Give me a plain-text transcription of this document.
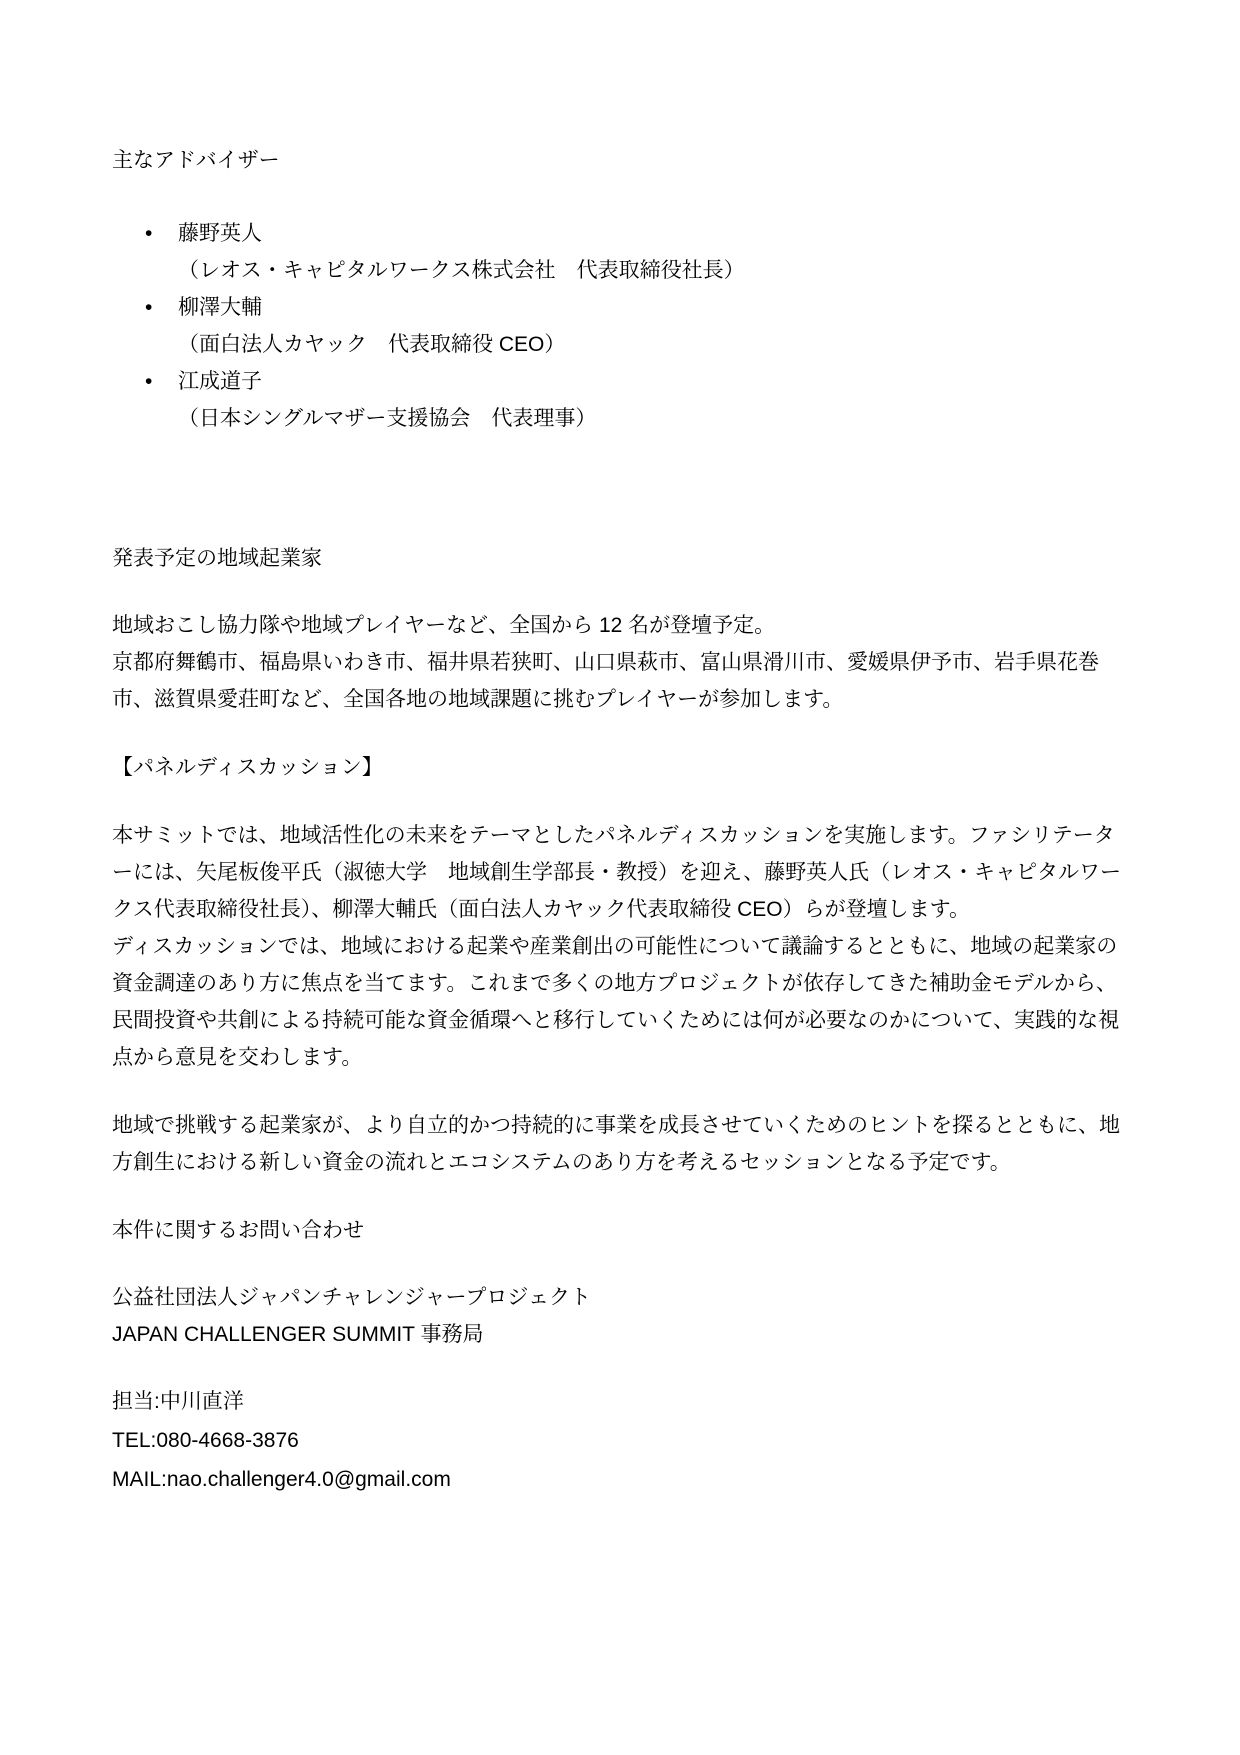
主なアドバイザー

• 藤野英人
（レオス・キャピタルワークス株式会社　代表取締役社長）
• 柳澤大輔
（面白法人カヤック　代表取締役 CEO）
• 江成道子
（日本シングルマザー支援協会　代表理事）

発表予定の地域起業家

地域おこし協力隊や地域プレイヤーなど、全国から 12 名が登壇予定。
京都府舞鶴市、福島県いわき市、福井県若狭町、山口県萩市、富山県滑川市、愛媛県伊予市、岩手県花巻市、滋賀県愛荘町など、全国各地の地域課題に挑むプレイヤーが参加します。

【パネルディスカッション】

本サミットでは、地域活性化の未来をテーマとしたパネルディスカッションを実施します。ファシリテーターには、矢尾板俊平氏（淑徳大学　地域創生学部長・教授）を迎え、藤野英人氏（レオス・キャピタルワークス代表取締役社長）、柳澤大輔氏（面白法人カヤック代表取締役 CEO）らが登壇します。
ディスカッションでは、地域における起業や産業創出の可能性について議論するとともに、地域の起業家の資金調達のあり方に焦点を当てます。これまで多くの地方プロジェクトが依存してきた補助金モデルから、民間投資や共創による持続可能な資金循環へと移行していくためには何が必要なのかについて、実践的な視点から意見を交わします。
地域で挑戦する起業家が、より自立的かつ持続的に事業を成長させていくためのヒントを探るとともに、地方創生における新しい資金の流れとエコシステムのあり方を考えるセッションとなる予定です。

本件に関するお問い合わせ

公益社団法人ジャパンチャレンジャープロジェクト
JAPAN CHALLENGER SUMMIT 事務局
担当:中川直洋
TEL:080-4668-3876
MAIL:nao.challenger4.0@gmail.com
